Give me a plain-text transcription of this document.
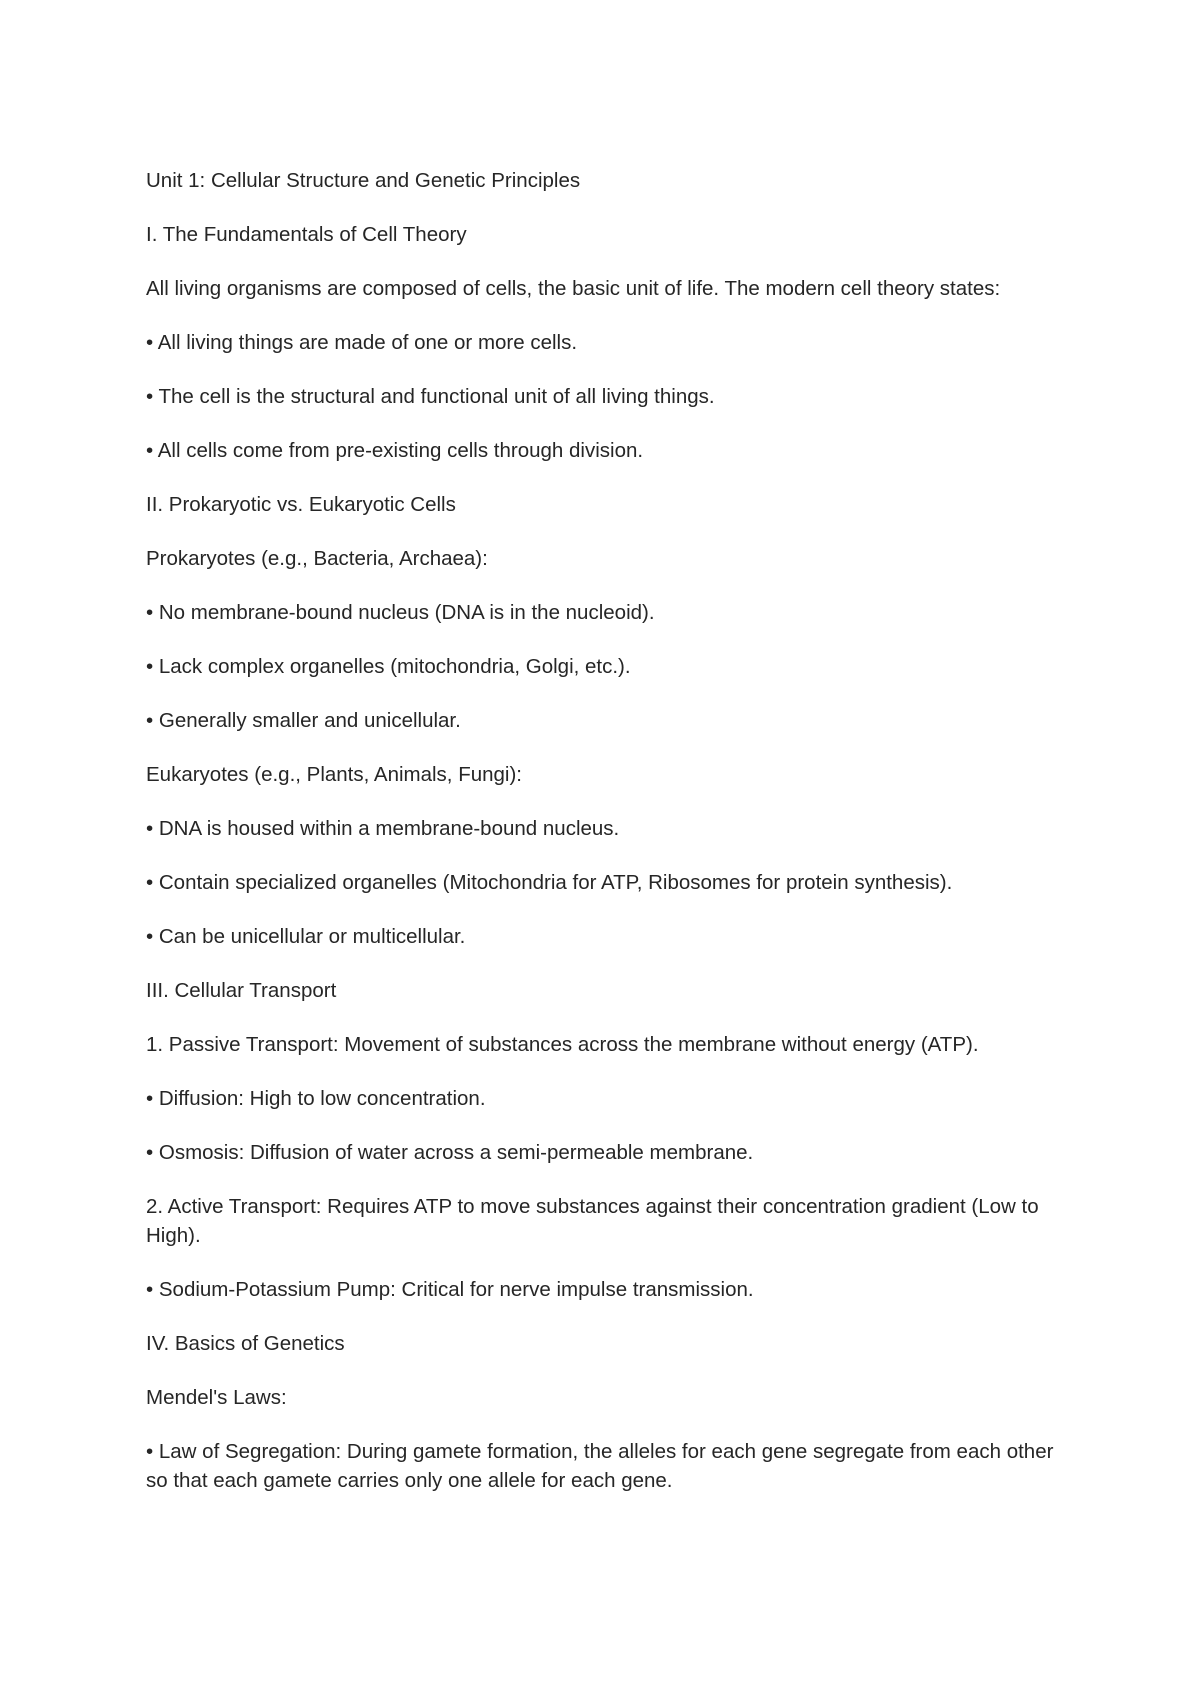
Unit 1: Cellular Structure and Genetic Principles

I. The Fundamentals of Cell Theory

All living organisms are composed of cells, the basic unit of life. The modern cell theory states:

• All living things are made of one or more cells.

• The cell is the structural and functional unit of all living things.

• All cells come from pre-existing cells through division.

II. Prokaryotic vs. Eukaryotic Cells

Prokaryotes (e.g., Bacteria, Archaea):

• No membrane-bound nucleus (DNA is in the nucleoid).

• Lack complex organelles (mitochondria, Golgi, etc.).

• Generally smaller and unicellular.

Eukaryotes (e.g., Plants, Animals, Fungi):

• DNA is housed within a membrane-bound nucleus.

• Contain specialized organelles (Mitochondria for ATP, Ribosomes for protein synthesis).

• Can be unicellular or multicellular.

III. Cellular Transport

1. Passive Transport: Movement of substances across the membrane without energy (ATP).

• Diffusion: High to low concentration.

• Osmosis: Diffusion of water across a semi-permeable membrane.

2. Active Transport: Requires ATP to move substances against their concentration gradient (Low to High).

• Sodium-Potassium Pump: Critical for nerve impulse transmission.

IV. Basics of Genetics

Mendel's Laws:

• Law of Segregation: During gamete formation, the alleles for each gene segregate from each other so that each gamete carries only one allele for each gene.
